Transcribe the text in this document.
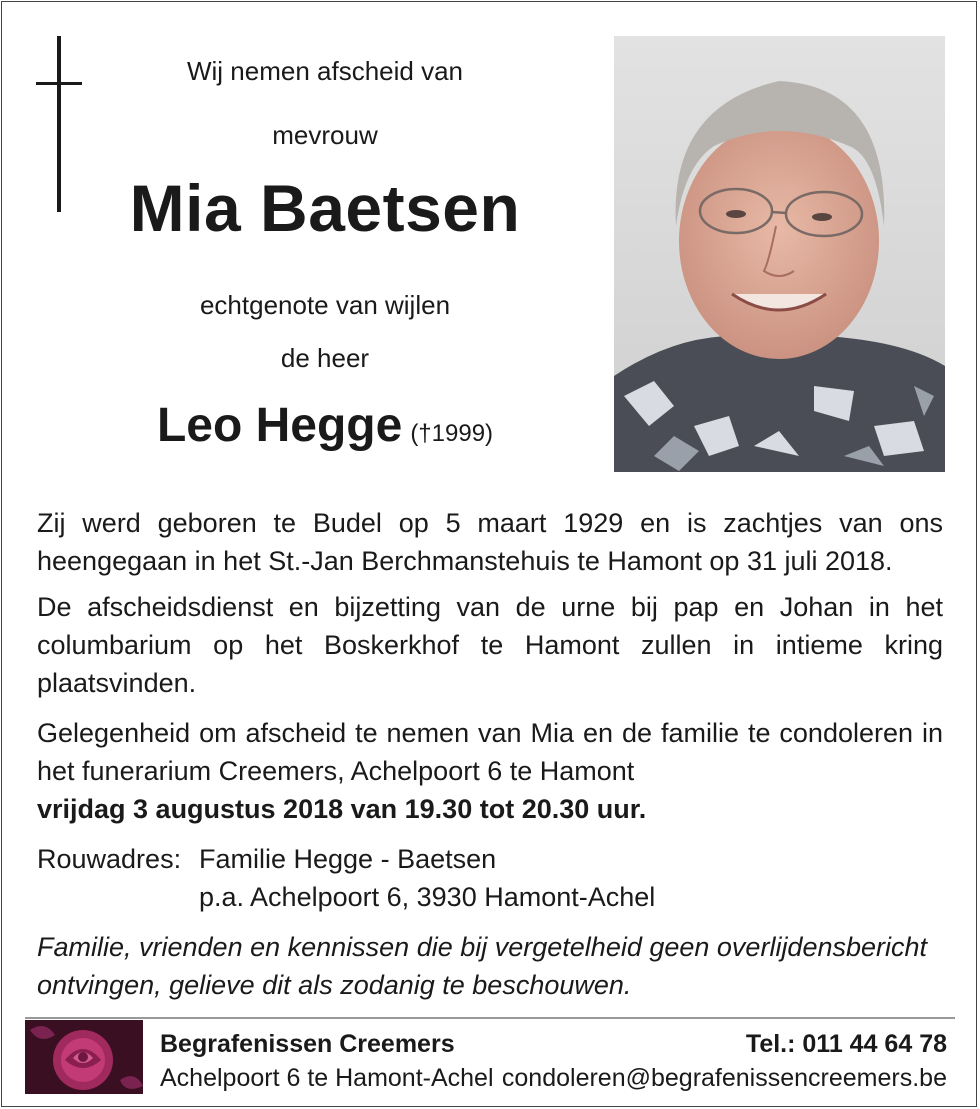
Wij nemen afscheid van
mevrouw
Mia Baetsen
echtgenote van wijlen
de heer
Leo Hegge (†1999)

Zij werd geboren te Budel op 5 maart 1929 en is zachtjes van ons heengegaan in het St.-Jan Berchmanstehuis te Hamont op 31 juli 2018.

De afscheidsdienst en bijzetting van de urne bij pap en Johan in het columbarium op het Boskerkhof te Hamont zullen in intieme kring plaatsvinden.

Gelegenheid om afscheid te nemen van Mia en de familie te condoleren in het funerarium Creemers, Achelpoort 6 te Hamont
vrijdag 3 augustus 2018 van 19.30 tot 20.30 uur.

Rouwadres: Familie Hegge - Baetsen
p.a. Achelpoort 6, 3930 Hamont-Achel

Familie, vrienden en kennissen die bij vergetelheid geen overlijdensbericht ontvingen, gelieve dit als zodanig te beschouwen.

Begrafenissen Creemers
Achelpoort 6 te Hamont-Achel
Tel.: 011 44 64 78
condoleren@begrafenissencreemers.be
